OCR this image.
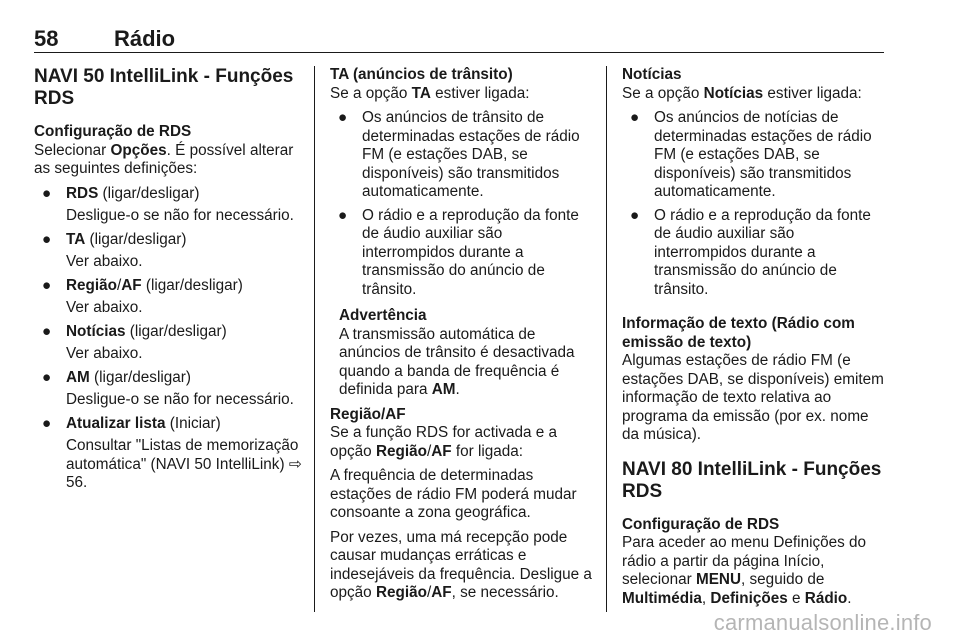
58	Rádio
NAVI 50 IntelliLink - Funções RDS
Configuração de RDS

Selecionar Opções. É possível alterar as seguintes definições:

● RDS (ligar/desligar)
Desligue-o se não for necessário.
● TA (ligar/desligar)
Ver abaixo.
● Região/AF (ligar/desligar)
Ver abaixo.
● Notícias (ligar/desligar)
Ver abaixo.
● AM (ligar/desligar)
Desligue-o se não for necessário.
● Atualizar lista (Iniciar)
Consultar "Listas de memorização automática" (NAVI 50 IntelliLink) ⇨ 56.
TA (anúncios de trânsito)

Se a opção TA estiver ligada:

● Os anúncios de trânsito de determinadas estações de rádio FM (e estações DAB, se disponíveis) são transmitidos automaticamente.
● O rádio e a reprodução da fonte de áudio auxiliar são interrompidos durante a transmissão do anúncio de trânsito.
Advertência

A transmissão automática de anúncios de trânsito é desactivada quando a banda de frequência é definida para AM.

Região/AF

Se a função RDS for activada e a opção Região/AF for ligada:

A frequência de determinadas estações de rádio FM poderá mudar consoante a zona geográfica.

Por vezes, uma má recepção pode causar mudanças erráticas e indesejáveis da frequência. Desligue a opção Região/AF, se necessário.

Notícias

Se a opção Notícias estiver ligada:

● Os anúncios de notícias de determinadas estações de rádio FM (e estações DAB, se disponíveis) são transmitidos automaticamente.
● O rádio e a reprodução da fonte de áudio auxiliar são interrompidos durante a transmissão do anúncio de trânsito.
Informação de texto (Rádio com emissão de texto)

Algumas estações de rádio FM (e estações DAB, se disponíveis) emitem informação de texto relativa ao programa da emissão (por ex. nome da música).

NAVI 80 IntelliLink - Funções RDS
Configuração de RDS

Para aceder ao menu Definições do rádio a partir da página Início, selecionar MENU, seguido de Multimédia, Definições e Rádio.

carmanualsonline.info
